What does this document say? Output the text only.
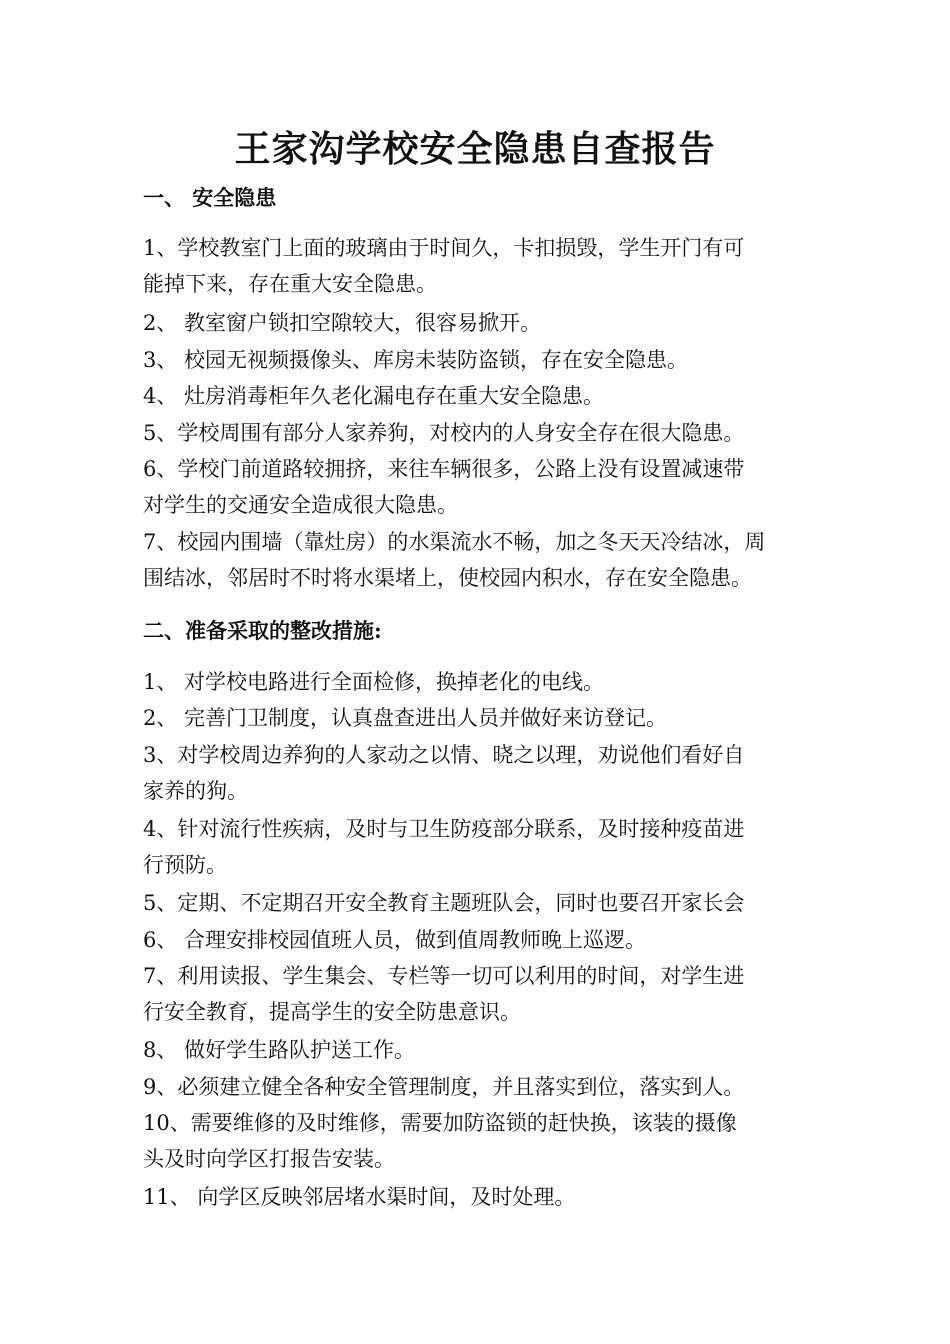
王家沟学校安全隐患自查报告
一、 安全隐患
1、学校教室门上面的玻璃由于时间久，卡扣损毁，学生开门有可
能掉下来，存在重大安全隐患。
2、 教室窗户锁扣空隙较大，很容易掀开。
3、 校园无视频摄像头、库房未装防盗锁，存在安全隐患。
4、 灶房消毒柜年久老化漏电存在重大安全隐患。
5、学校周围有部分人家养狗，对校内的人身安全存在很大隐患。
6、学校门前道路较拥挤，来往车辆很多，公路上没有设置减速带
对学生的交通安全造成很大隐患。
7、校园内围墙（靠灶房）的水渠流水不畅，加之冬天天冷结冰，周
围结冰，邻居时不时将水渠堵上，使校园内积水，存在安全隐患。
二、准备采取的整改措施:
1、 对学校电路进行全面检修，换掉老化的电线。
2、 完善门卫制度，认真盘查进出人员并做好来访登记。
3、对学校周边养狗的人家动之以情、晓之以理，劝说他们看好自
家养的狗。
4、针对流行性疾病，及时与卫生防疫部分联系，及时接种疫苗进
行预防。
5、定期、不定期召开安全教育主题班队会，同时也要召开家长会
6、 合理安排校园值班人员，做到值周教师晚上巡逻。
7、利用读报、学生集会、专栏等一切可以利用的时间，对学生进
行安全教育，提高学生的安全防患意识。
8、 做好学生路队护送工作。
9、必须建立健全各种安全管理制度，并且落实到位，落实到人。
10、需要维修的及时维修，需要加防盗锁的赶快换，该装的摄像
头及时向学区打报告安装。
11、 向学区反映邻居堵水渠时间，及时处理。
